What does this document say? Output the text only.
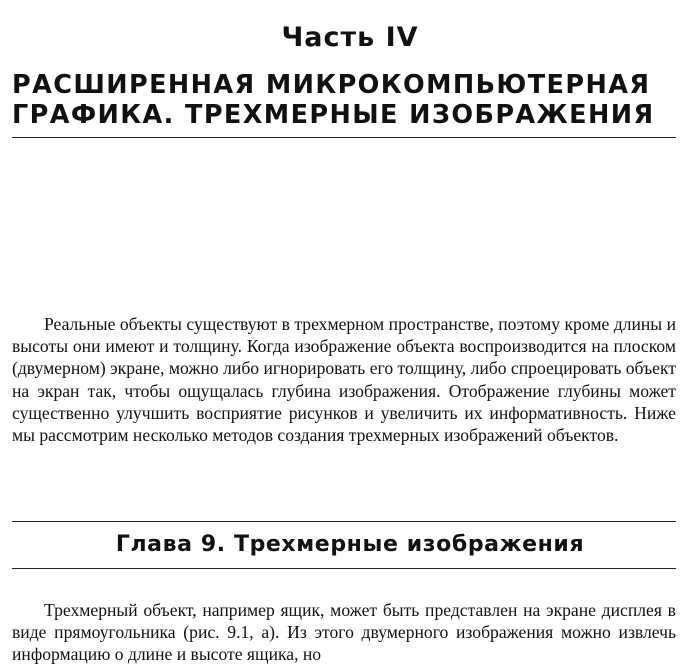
Часть IV
РАСШИРЕННАЯ МИКРОКОМПЬЮТЕРНАЯ
ГРАФИКА. ТРЕХМЕРНЫЕ ИЗОБРАЖЕНИЯ

Реальные объекты существуют в трехмерном пространстве, поэтому кроме длины и высоты они имеют и толщину. Когда изображение объекта воспроизводится на плоском (двумерном) экране, можно либо игнорировать его толщину, либо спроецировать объект на экран так, чтобы ощущалась глубина изображения. Отображение глубины может существенно улучшить восприятие рисунков и увеличить их информативность. Ниже мы рассмотрим несколько методов создания трехмерных изображений объектов.

Глава 9. Трехмерные изображения

Трехмерный объект, например ящик, может быть представлен на экране дисплея в виде прямоугольника (рис. 9.1, а). Из этого двумерного изображения можно извлечь информацию о длине и высоте ящика, но
